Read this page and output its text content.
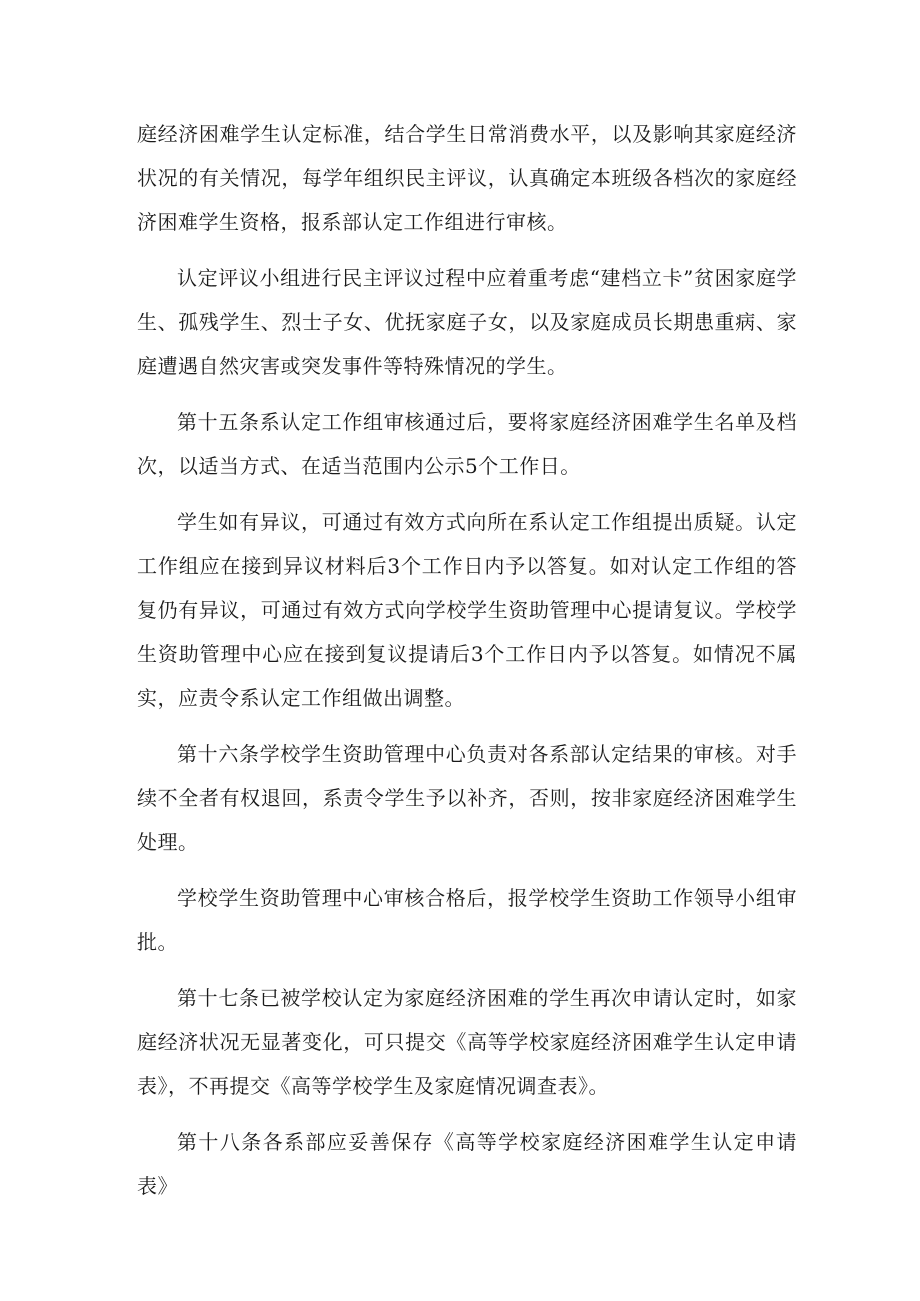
庭经济困难学生认定标准，结合学生日常消费水平，以及影响其家庭经济状况的有关情况，每学年组织民主评议，认真确定本班级各档次的家庭经济困难学生资格，报系部认定工作组进行审核。

认定评议小组进行民主评议过程中应着重考虑“建档立卡”贫困家庭学生、孤残学生、烈士子女、优抚家庭子女，以及家庭成员长期患重病、家庭遭遇自然灾害或突发事件等特殊情况的学生。

第十五条系认定工作组审核通过后，要将家庭经济困难学生名单及档次，以适当方式、在适当范围内公示5个工作日。

学生如有异议，可通过有效方式向所在系认定工作组提出质疑。认定工作组应在接到异议材料后3个工作日内予以答复。如对认定工作组的答复仍有异议，可通过有效方式向学校学生资助管理中心提请复议。学校学生资助管理中心应在接到复议提请后3个工作日内予以答复。如情况不属实，应责令系认定工作组做出调整。

第十六条学校学生资助管理中心负责对各系部认定结果的审核。对手续不全者有权退回，系责令学生予以补齐，否则，按非家庭经济困难学生处理。

学校学生资助管理中心审核合格后，报学校学生资助工作领导小组审批。

第十七条已被学校认定为家庭经济困难的学生再次申请认定时，如家庭经济状况无显著变化，可只提交《高等学校家庭经济困难学生认定申请表》，不再提交《高等学校学生及家庭情况调查表》。

第十八条各系部应妥善保存《高等学校家庭经济困难学生认定申请表》
